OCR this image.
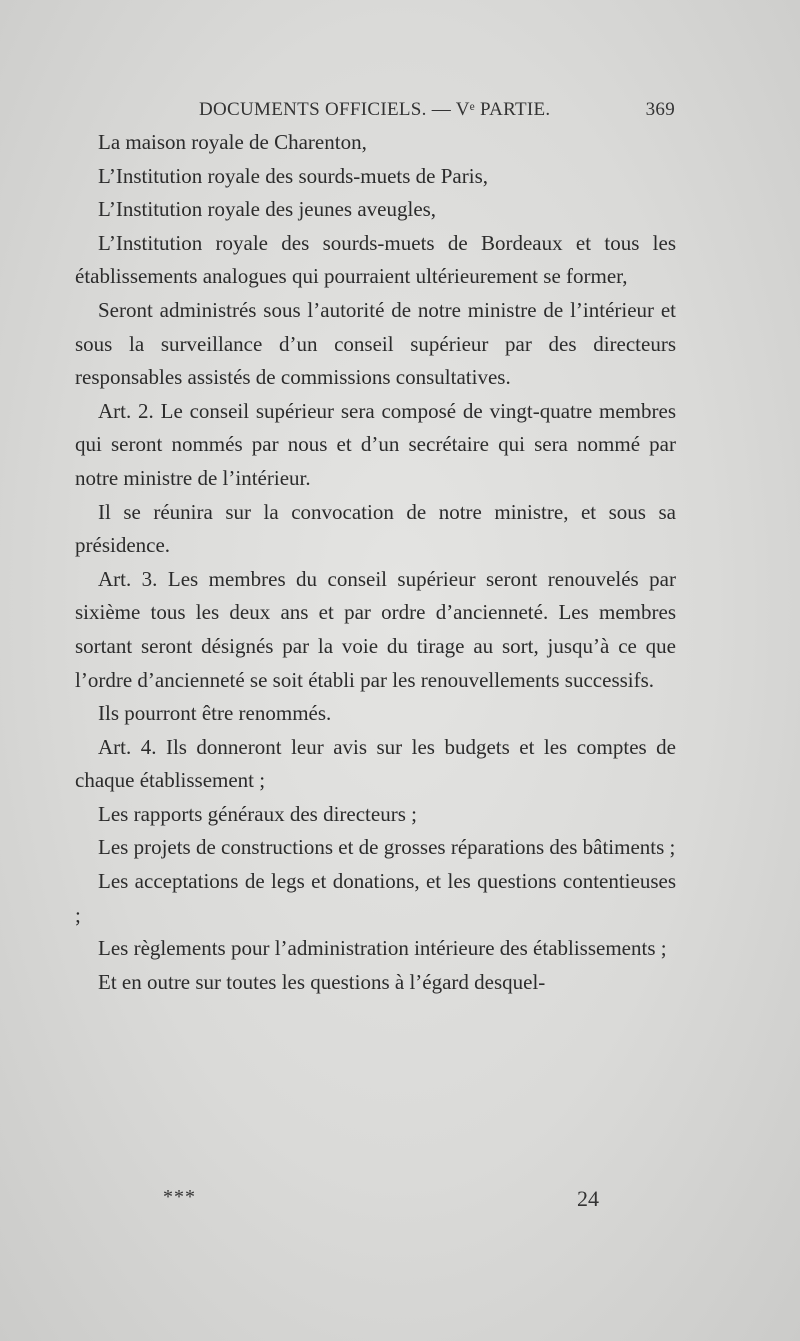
DOCUMENTS OFFICIELS. — Vᵉ PARTIE.	369

La maison royale de Charenton,

L’Institution royale des sourds-muets de Paris,

L’Institution royale des jeunes aveugles,

L’Institution royale des sourds-muets de Bordeaux et tous les établissements analogues qui pourraient ultérieurement se former,

Seront administrés sous l’autorité de notre ministre de l’intérieur et sous la surveillance d’un conseil supérieur par des directeurs responsables assistés de commissions consultatives.

Art. 2. Le conseil supérieur sera composé de vingt-quatre membres qui seront nommés par nous et d’un secrétaire qui sera nommé par notre ministre de l’intérieur.

Il se réunira sur la convocation de notre ministre, et sous sa présidence.

Art. 3. Les membres du conseil supérieur seront renouvelés par sixième tous les deux ans et par ordre d’ancienneté. Les membres sortant seront désignés par la voie du tirage au sort, jusqu’à ce que l’ordre d’ancienneté se soit établi par les renouvellements successifs.

Ils pourront être renommés.

Art. 4. Ils donneront leur avis sur les budgets et les comptes de chaque établissement ;

Les rapports généraux des directeurs ;

Les projets de constructions et de grosses réparations des bâtiments ;

Les acceptations de legs et donations, et les questions contentieuses ;

Les règlements pour l’administration intérieure des établissements ;

Et en outre sur toutes les questions à l’égard desquel-

***	24
